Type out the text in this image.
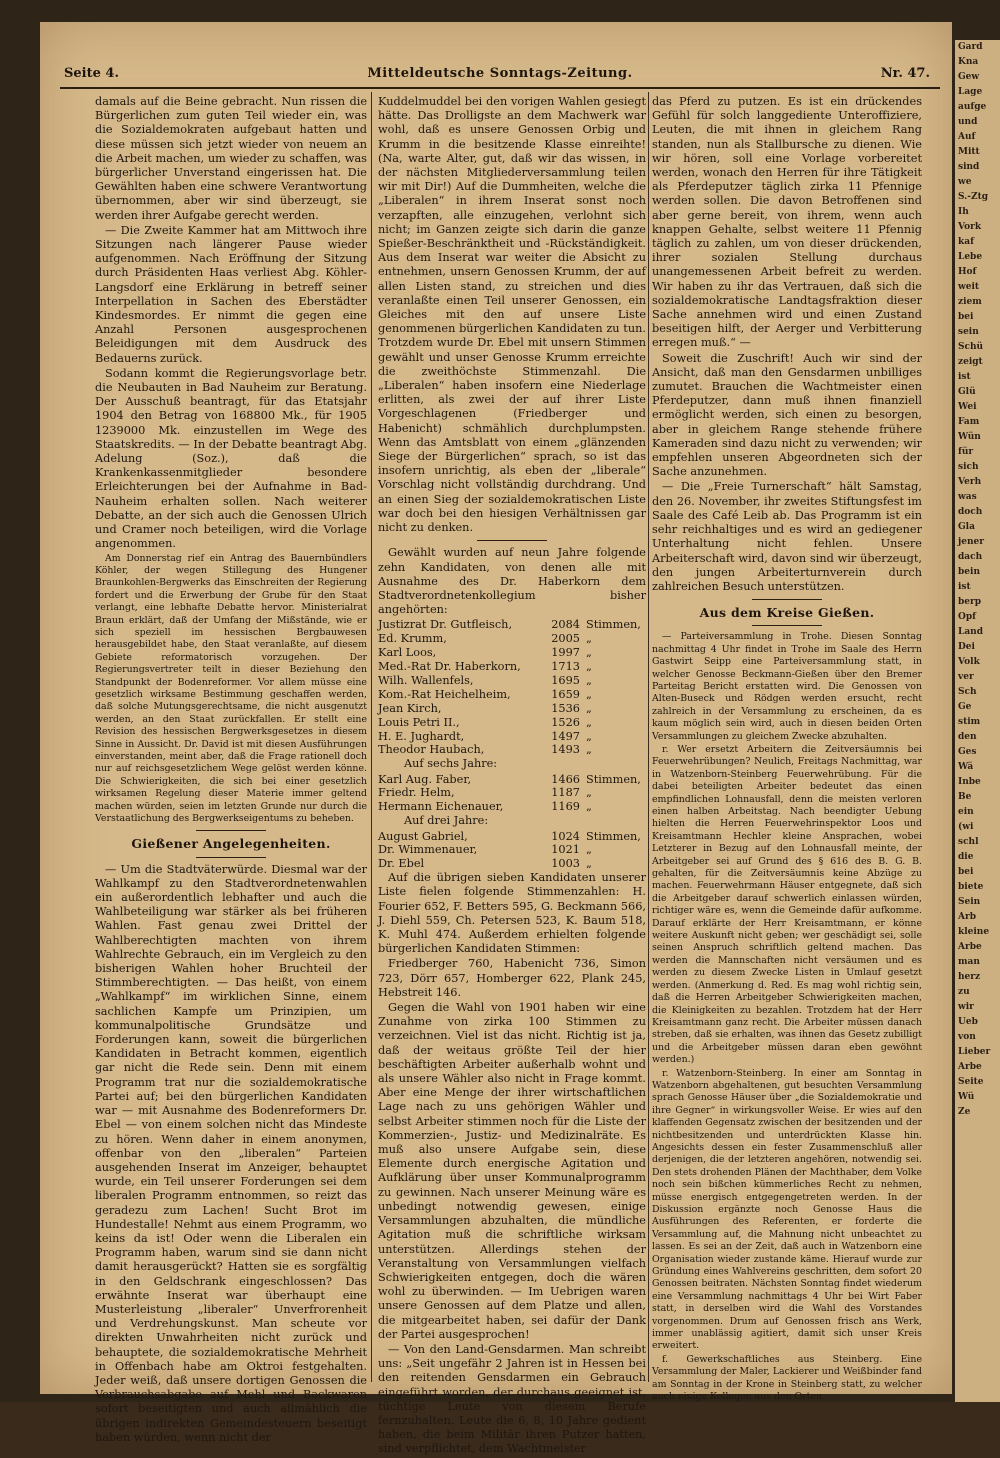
Gard
Kna
Gew
Lage
aufge
und
Auf
Mitt
sind
we
S.-Ztg
Ih
Vork
kaf
Lebe
Hof
weit
ziem
bei
sein
Schü
zeigt
ist
Glü
Wei
Fam
Wün
für
sich
Verh
was
doch
Gla
jener
dach
bein
ist
berp
Opf
Land
Dei
Volk
ver
Sch
Ge
stim
den
Ges
Wä
Inbe
Be
ein
(wi
schl
die
bei
biete
Sein
Arb
kleine
Arbe
man
herz
zu
wir
Ueb
von
Lieber
Arbe
Seite
Wü
Ze
Seite 4.	Mitteldeutsche Sonntags-Zeitung.	Nr. 47.

damals auf die Beine gebracht. Nun rissen die Bürgerlichen zum guten Teil wieder ein, was die Sozialdemokraten aufgebaut hatten und diese müssen sich jetzt wieder von neuem an die Arbeit machen, um wieder zu schaffen, was bürgerlicher Unverstand eingerissen hat. Die Gewählten haben eine schwere Verantwortung übernommen, aber wir sind überzeugt, sie werden ihrer Aufgabe gerecht werden.

— Die Zweite Kammer hat am Mittwoch ihre Sitzungen nach längerer Pause wieder aufgenommen. Nach Eröffnung der Sitzung durch Präsidenten Haas verliest Abg. Köhler-Langsdorf eine Erklärung in betreff seiner Interpellation in Sachen des Eberstädter Kindesmordes. Er nimmt die gegen eine Anzahl Personen ausgesprochenen Beleidigungen mit dem Ausdruck des Bedauerns zurück.

Sodann kommt die Regierungsvorlage betr. die Neubauten in Bad Nauheim zur Beratung. Der Ausschuß beantragt, für das Etatsjahr 1904 den Betrag von 168800 Mk., für 1905 1239000 Mk. einzustellen im Wege des Staatskredits. — In der Debatte beantragt Abg. Adelung (Soz.), daß die Krankenkassenmitglieder besondere Erleichterungen bei der Aufnahme in Bad-Nauheim erhalten sollen. Nach weiterer Debatte, an der sich auch die Genossen Ulrich und Cramer noch beteiligen, wird die Vorlage angenommen.

Am Donnerstag rief ein Antrag des Bauernbündlers Köhler, der wegen Stillegung des Hungener Braunkohlen-Bergwerks das Einschreiten der Regierung fordert und die Erwerbung der Grube für den Staat verlangt, eine lebhafte Debatte hervor. Ministerialrat Braun erklärt, daß der Umfang der Mißstände, wie er sich speziell im hessischen Bergbauwesen herausgebildet habe, den Staat veranlaßte, auf diesem Gebiete reformatorisch vorzugehen. Der Regierungsvertreter teilt in dieser Beziehung den Standpunkt der Bodenreformer. Vor allem müsse eine gesetzlich wirksame Bestimmung geschaffen werden, daß solche Mutungsgerechtsame, die nicht ausgenutzt werden, an den Staat zurückfallen. Er stellt eine Revision des hessischen Bergwerksgesetzes in diesem Sinne in Aussicht. Dr. David ist mit diesen Ausführungen einverstanden, meint aber, daß die Frage rationell doch nur auf reichsgesetzlichem Wege gelöst werden könne. Die Schwierigkeiten, die sich bei einer gesetzlich wirksamen Regelung dieser Materie immer geltend machen würden, seien im letzten Grunde nur durch die Verstaatlichung des Bergwerkseigentums zu beheben.

Gießener Angelegenheiten.

— Um die Stadtväterwürde. Diesmal war der Wahlkampf zu den Stadtverordnetenwahlen ein außerordentlich lebhafter und auch die Wahlbeteiligung war stärker als bei früheren Wahlen. Fast genau zwei Drittel der Wahlberechtigten machten von ihrem Wahlrechte Gebrauch, ein im Vergleich zu den bisherigen Wahlen hoher Bruchteil der Stimmberechtigten. — Das heißt, von einem „Wahlkampf“ im wirklichen Sinne, einem sachlichen Kampfe um Prinzipien, um kommunalpolitische Grundsätze und Forderungen kann, soweit die bürgerlichen Kandidaten in Betracht kommen, eigentlich gar nicht die Rede sein. Denn mit einem Programm trat nur die sozialdemokratische Partei auf; bei den bürgerlichen Kandidaten war — mit Ausnahme des Bodenreformers Dr. Ebel — von einem solchen nicht das Mindeste zu hören. Wenn daher in einem anonymen, offenbar von den „liberalen“ Parteien ausgehenden Inserat im Anzeiger, behauptet wurde, ein Teil unserer Forderungen sei dem liberalen Programm entnommen, so reizt das geradezu zum Lachen! Sucht Brot im Hundestalle! Nehmt aus einem Programm, wo keins da ist! Oder wenn die Liberalen ein Programm haben, warum sind sie dann nicht damit herausgerückt? Hatten sie es sorgfältig in den Geldschrank eingeschlossen? Das erwähnte Inserat war überhaupt eine Musterleistung „liberaler“ Unverfrorenheit und Verdrehungskunst. Man scheute vor direkten Unwahrheiten nicht zurück und behauptete, die sozialdemokratische Mehrheit in Offenbach habe am Oktroi festgehalten. Jeder weiß, daß unsere dortigen Genossen die Verbrauchsabgabe auf Mehl und Backwaren sofort beseitigten und auch allmählich die übrigen indirekten Gemeindesteuern beseitigt haben würden, wenn nicht der

Kuddelmuddel bei den vorigen Wahlen gesiegt hätte. Das Drolligste an dem Machwerk war wohl, daß es unsere Genossen Orbig und Krumm in die besitzende Klasse einreihte! (Na, warte Alter, gut, daß wir das wissen, in der nächsten Mitgliederversammlung teilen wir mit Dir!) Auf die Dummheiten, welche die „Liberalen“ in ihrem Inserat sonst noch verzapften, alle einzugehen, verlohnt sich nicht; im Ganzen zeigte sich darin die ganze Spießer-Beschränktheit und -Rückständigkeit. Aus dem Inserat war weiter die Absicht zu entnehmen, unsern Genossen Krumm, der auf allen Listen stand, zu streichen und dies veranlaßte einen Teil unserer Genossen, ein Gleiches mit den auf unsere Liste genommenen bürgerlichen Kandidaten zu tun. Trotzdem wurde Dr. Ebel mit unsern Stimmen gewählt und unser Genosse Krumm erreichte die zweithöchste Stimmenzahl. Die „Liberalen“ haben insofern eine Niederlage erlitten, als zwei der auf ihrer Liste Vorgeschlagenen (Friedberger und Habenicht) schmählich durchplumpsten. Wenn das Amtsblatt von einem „glänzenden Siege der Bürgerlichen“ sprach, so ist das insofern unrichtig, als eben der „liberale“ Vorschlag nicht vollständig durchdrang. Und an einen Sieg der sozialdemokratischen Liste war doch bei den hiesigen Verhältnissen gar nicht zu denken.

Gewählt wurden auf neun Jahre folgende zehn Kandidaten, von denen alle mit Ausnahme des Dr. Haberkorn dem Stadtverordnetenkollegium bisher angehörten:

Justizrat Dr. Gutfleisch,	2084	Stimmen,
Ed. Krumm,	2005	„
Karl Loos,	1997	„
Med.-Rat Dr. Haberkorn,	1713	„
Wilh. Wallenfels,	1695	„
Kom.-Rat Heichelheim,	1659	„
Jean Kirch,	1536	„
Louis Petri II.,	1526	„
H. E. Jughardt,	1497	„
Theodor Haubach,	1493	„

Auf sechs Jahre:

Karl Aug. Faber,	1466	Stimmen,
Friedr. Helm,	1187	„
Hermann Eichenauer,	1169	„

Auf drei Jahre:

August Gabriel,	1024	Stimmen,
Dr. Wimmenauer,	1021	„
Dr. Ebel	1003	„

Auf die übrigen sieben Kandidaten unserer Liste fielen folgende Stimmenzahlen: H. Fourier 652, F. Betters 595, G. Beckmann 566, J. Diehl 559, Ch. Petersen 523, K. Baum 518, K. Muhl 474. Außerdem erhielten folgende bürgerlichen Kandidaten Stimmen:

Friedberger 760, Habenicht 736, Simon 723, Dörr 657, Homberger 622, Plank 245, Hebstreit 146.

Gegen die Wahl von 1901 haben wir eine Zunahme von zirka 100 Stimmen zu verzeichnen. Viel ist das nicht. Richtig ist ja, daß der weitaus größte Teil der hier beschäftigten Arbeiter außerhalb wohnt und als unsere Wähler also nicht in Frage kommt. Aber eine Menge der ihrer wirtschaftlichen Lage nach zu uns gehörigen Wähler und selbst Arbeiter stimmen noch für die Liste der Kommerzien-, Justiz- und Medizinalräte. Es muß also unsere Aufgabe sein, diese Elemente durch energische Agitation und Aufklärung über unser Kommunalprogramm zu gewinnen. Nach unserer Meinung wäre es unbedingt notwendig gewesen, einige Versammlungen abzuhalten, die mündliche Agitation muß die schriftliche wirksam unterstützen. Allerdings stehen der Veranstaltung von Versammlungen vielfach Schwierigkeiten entgegen, doch die wären wohl zu überwinden. — Im Uebrigen waren unsere Genossen auf dem Platze und allen, die mitgearbeitet haben, sei dafür der Dank der Partei ausgesprochen!

— Von den Land-Gensdarmen. Man schreibt uns: „Seit ungefähr 2 Jahren ist in Hessen bei den reitenden Gensdarmen ein Gebrauch eingeführt worden, der durchaus geeignet ist, tüchtige Leute von diesem Berufe fernzuhalten. Leute die 6, 8, 10 Jahre gedient haben, die beim Militär ihren Putzer hatten, sind verpflichtet, dem Wachtmeister

das Pferd zu putzen. Es ist ein drückendes Gefühl für solch langgediente Unteroffiziere, Leuten, die mit ihnen in gleichem Rang standen, nun als Stallbursche zu dienen. Wie wir hören, soll eine Vorlage vorbereitet werden, wonach den Herren für ihre Tätigkeit als Pferdeputzer täglich zirka 11 Pfennige werden sollen. Die davon Betroffenen sind aber gerne bereit, von ihrem, wenn auch knappen Gehalte, selbst weitere 11 Pfennig täglich zu zahlen, um von dieser drückenden, ihrer sozialen Stellung durchaus unangemessenen Arbeit befreit zu werden. Wir haben zu ihr das Vertrauen, daß sich die sozialdemokratische Landtagsfraktion dieser Sache annehmen wird und einen Zustand beseitigen hilft, der Aerger und Verbitterung erregen muß.“ —

Soweit die Zuschrift! Auch wir sind der Ansicht, daß man den Gensdarmen unbilliges zumutet. Brauchen die Wachtmeister einen Pferdeputzer, dann muß ihnen finanziell ermöglicht werden, sich einen zu besorgen, aber in gleichem Range stehende frühere Kameraden sind dazu nicht zu verwenden; wir empfehlen unseren Abgeordneten sich der Sache anzunehmen.

— Die „Freie Turnerschaft“ hält Samstag, den 26. November, ihr zweites Stiftungsfest im Saale des Café Leib ab. Das Programm ist ein sehr reichhaltiges und es wird an gediegener Unterhaltung nicht fehlen. Unsere Arbeiterschaft wird, davon sind wir überzeugt, den jungen Arbeiterturnverein durch zahlreichen Besuch unterstützen.

Aus dem Kreise Gießen.

— Parteiversammlung in Trohe. Diesen Sonntag nachmittag 4 Uhr findet in Trohe im Saale des Herrn Gastwirt Seipp eine Parteiversammlung statt, in welcher Genosse Beckmann-Gießen über den Bremer Parteitag Bericht erstatten wird. Die Genossen von Alten-Buseck und Rödgen werden ersucht, recht zahlreich in der Versammlung zu erscheinen, da es kaum möglich sein wird, auch in diesen beiden Orten Versammlungen zu gleichem Zwecke abzuhalten.

r. Wer ersetzt Arbeitern die Zeitversäumnis bei Feuerwehrübungen? Neulich, Freitags Nachmittag, war in Watzenborn-Steinberg Feuerwehrübung. Für die dabei beteiligten Arbeiter bedeutet das einen empfindlichen Lohnausfall, denn die meisten verloren einen halben Arbeitstag. Nach beendigter Uebung hielten die Herren Feuerwehrinspektor Loos und Kreisamtmann Hechler kleine Ansprachen, wobei Letzterer in Bezug auf den Lohnausfall meinte, der Arbeitgeber sei auf Grund des § 616 des B. G. B. gehalten, für die Zeitversäumnis keine Abzüge zu machen. Feuerwehrmann Häuser entgegnete, daß sich die Arbeitgeber darauf schwerlich einlassen würden, richtiger wäre es, wenn die Gemeinde dafür aufkomme. Darauf erklärte der Herr Kreisamtmann, er könne weitere Auskunft nicht geben; wer geschädigt sei, solle seinen Anspruch schriftlich geltend machen. Das werden die Mannschaften nicht versäumen und es werden zu diesem Zwecke Listen in Umlauf gesetzt werden. (Anmerkung d. Red. Es mag wohl richtig sein, daß die Herren Arbeitgeber Schwierigkeiten machen, die Kleinigkeiten zu bezahlen. Trotzdem hat der Herr Kreisamtmann ganz recht. Die Arbeiter müssen danach streben, daß sie erhalten, was ihnen das Gesetz zubilligt und die Arbeitgeber müssen daran eben gewöhnt werden.)

r. Watzenborn-Steinberg. In einer am Sonntag in Watzenborn abgehaltenen, gut besuchten Versammlung sprach Genosse Häuser über „die Sozialdemokratie und ihre Gegner“ in wirkungsvoller Weise. Er wies auf den klaffenden Gegensatz zwischen der besitzenden und der nichtbesitzenden und unterdrückten Klasse hin. Angesichts dessen ein fester Zusammenschluß aller derjenigen, die der letzteren angehören, notwendig sei. Den stets drohenden Plänen der Machthaber, dem Volke noch sein bißchen kümmerliches Recht zu nehmen, müsse energisch entgegengetreten werden. In der Diskussion ergänzte noch Genosse Haus die Ausführungen des Referenten, er forderte die Versammlung auf, die Mahnung nicht unbeachtet zu lassen. Es sei an der Zeit, daß auch in Watzenborn eine Organisation wieder zustande käme. Hierauf wurde zur Gründung eines Wahlvereins geschritten, dem sofort 20 Genossen beitraten. Nächsten Sonntag findet wiederum eine Versammlung nachmittags 4 Uhr bei Wirt Faber statt, in derselben wird die Wahl des Vorstandes vorgenommen. Drum auf Genossen frisch ans Werk, immer unablässig agitiert, damit sich unser Kreis erweitert.

f. Gewerkschaftliches aus Steinberg. Eine Versammlung der Maler, Lackierer und Weißbinder fand am Sonntag in der Krone in Steinberg statt, zu welcher auch einige Kollegen aus den Orten
